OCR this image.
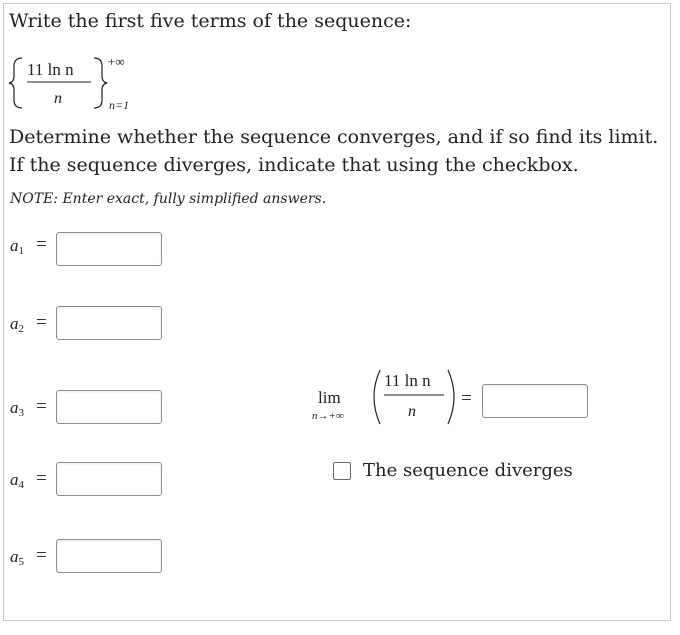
Write the first five terms of the sequence:
11 ln n
n
+∞
n=1
Determine whether the sequence converges, and if so find its limit.
If the sequence diverges, indicate that using the checkbox.
NOTE: Enter exact, fully simplified answers.
a1 =
a2 =
a3 =
a4 =
a5 =
lim
n→+∞
11 ln n
n
=
The sequence diverges
